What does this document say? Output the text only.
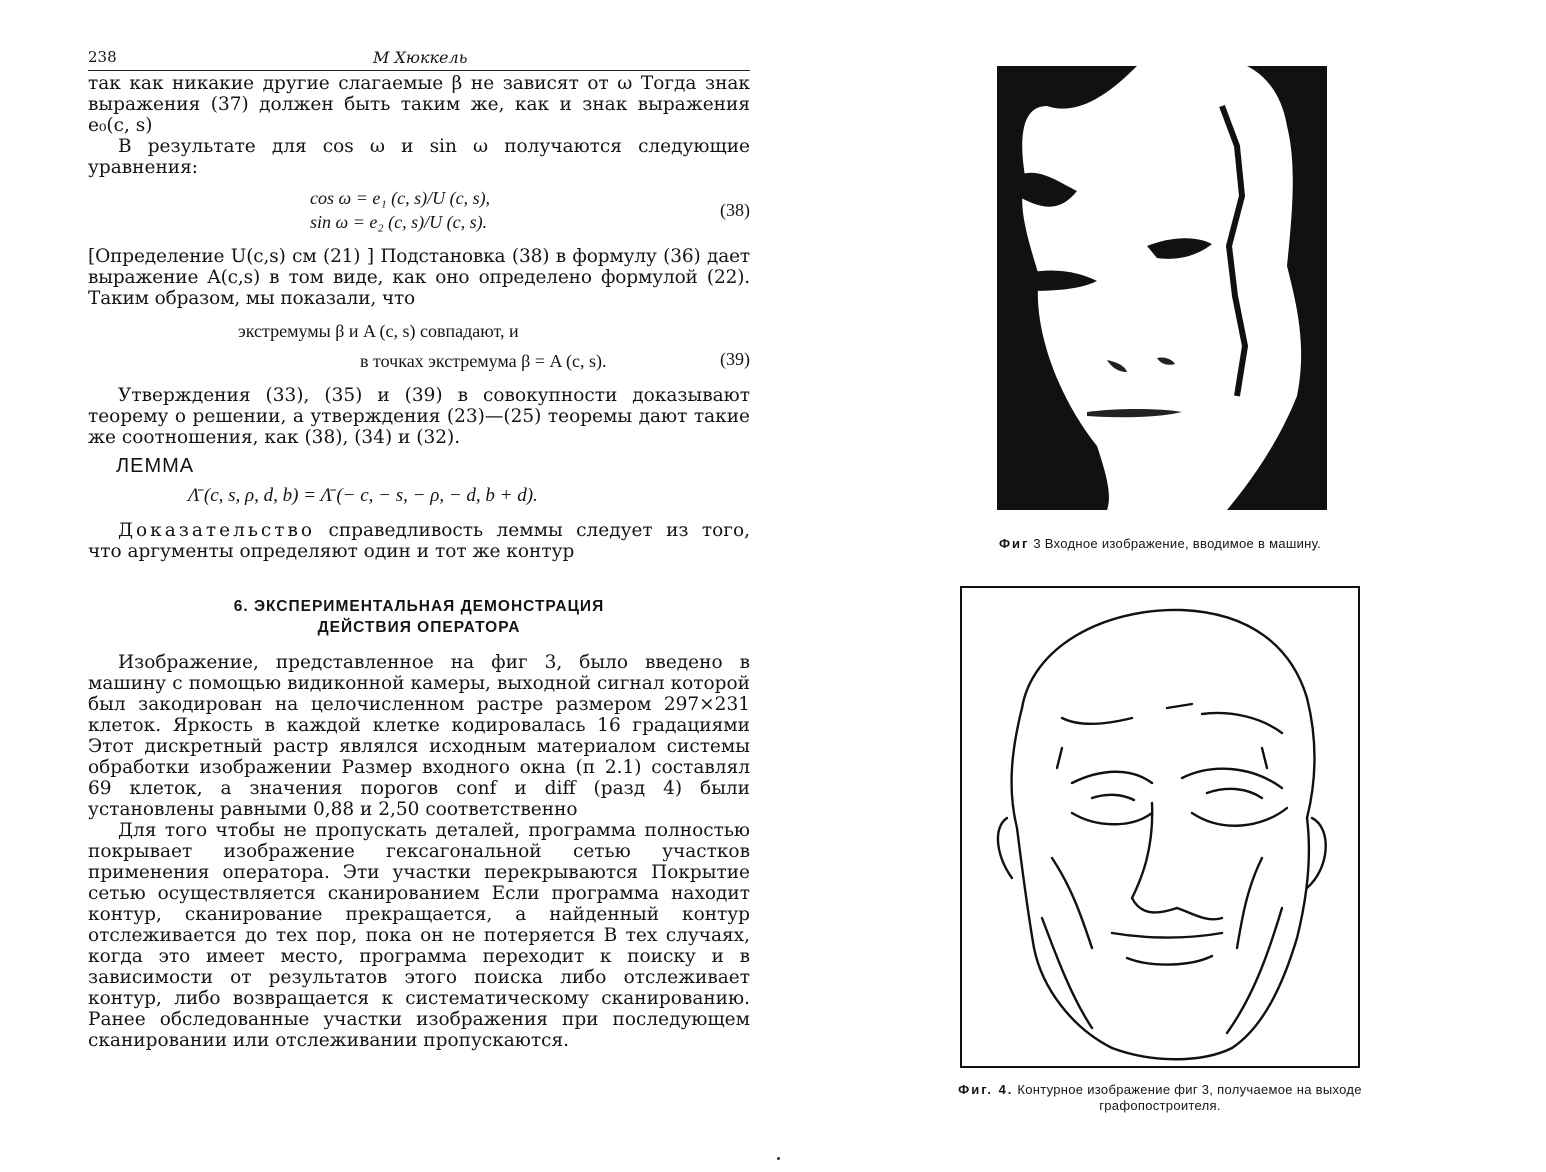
238	М Хюккель

так как никакие другие слагаемые β не зависят от ω Тогда знак выражения (37) должен быть таким же, как и знак выражения e₀(c, s)

В результате для cos ω и sin ω получаются следующие уравнения:

cos ω = e₁ (c, s)/U (c, s),
sin ω = e₂ (c, s)/U (c, s).
(38)

[Определение U(c,s) см (21) ] Подстановка (38) в формулу (36) дает выражение A(c,s) в том виде, как оно определено формулой (22). Таким образом, мы показали, что

экстремумы β и A (c, s) совпадают, и
в точках экстремума β = A (c, s).	(39)

Утверждения (33), (35) и (39) в совокупности доказывают теорему о решении, а утверждения (23)—(25) теоремы дают такие же соотношения, как (38), (34) и (32).

ЛЕММА
Λ̄ (c, s, ρ, d, b) = Λ̄ (− c, − s, − ρ, − d, b + d).

Доказательство справедливость леммы следует из того, что аргументы определяют один и тот же контур

6. ЭКСПЕРИМЕНТАЛЬНАЯ ДЕМОНСТРАЦИЯ
ДЕЙСТВИЯ ОПЕРАТОРА

Изображение, представленное на фиг 3, было введено в машину с помощью видиконной камеры, выходной сигнал которой был закодирован на целочисленном растре размером 297×231 клеток. Яркость в каждой клетке кодировалась 16 градациями Этот дискретный растр являлся исходным материалом системы обработки изображении Размер входного окна (п 2.1) составлял 69 клеток, а значения порогов conf и diff (разд 4) были установлены равными 0,88 и 2,50 соответственно

Для того чтобы не пропускать деталей, программа полностью покрывает изображение гексагональной сетью участков применения оператора. Эти участки перекрываются Покрытие сетью осуществляется сканированием Если программа находит контур, сканирование прекращается, а найденный контур отслеживается до тех пор, пока он не потеряется В тех случаях, когда это имеет место, программа переходит к поиску и в зависимости от результатов этого поиска либо отслеживает контур, либо возвращается к систематическому сканированию. Ранее обследованные участки изображения при последующем сканировании или отслеживании пропускаются.

Фиг 3 Входное изображение, вводимое в машину.
Фиг. 4. Контурное изображение фиг 3, получаемое на выходе
графопостроителя.
